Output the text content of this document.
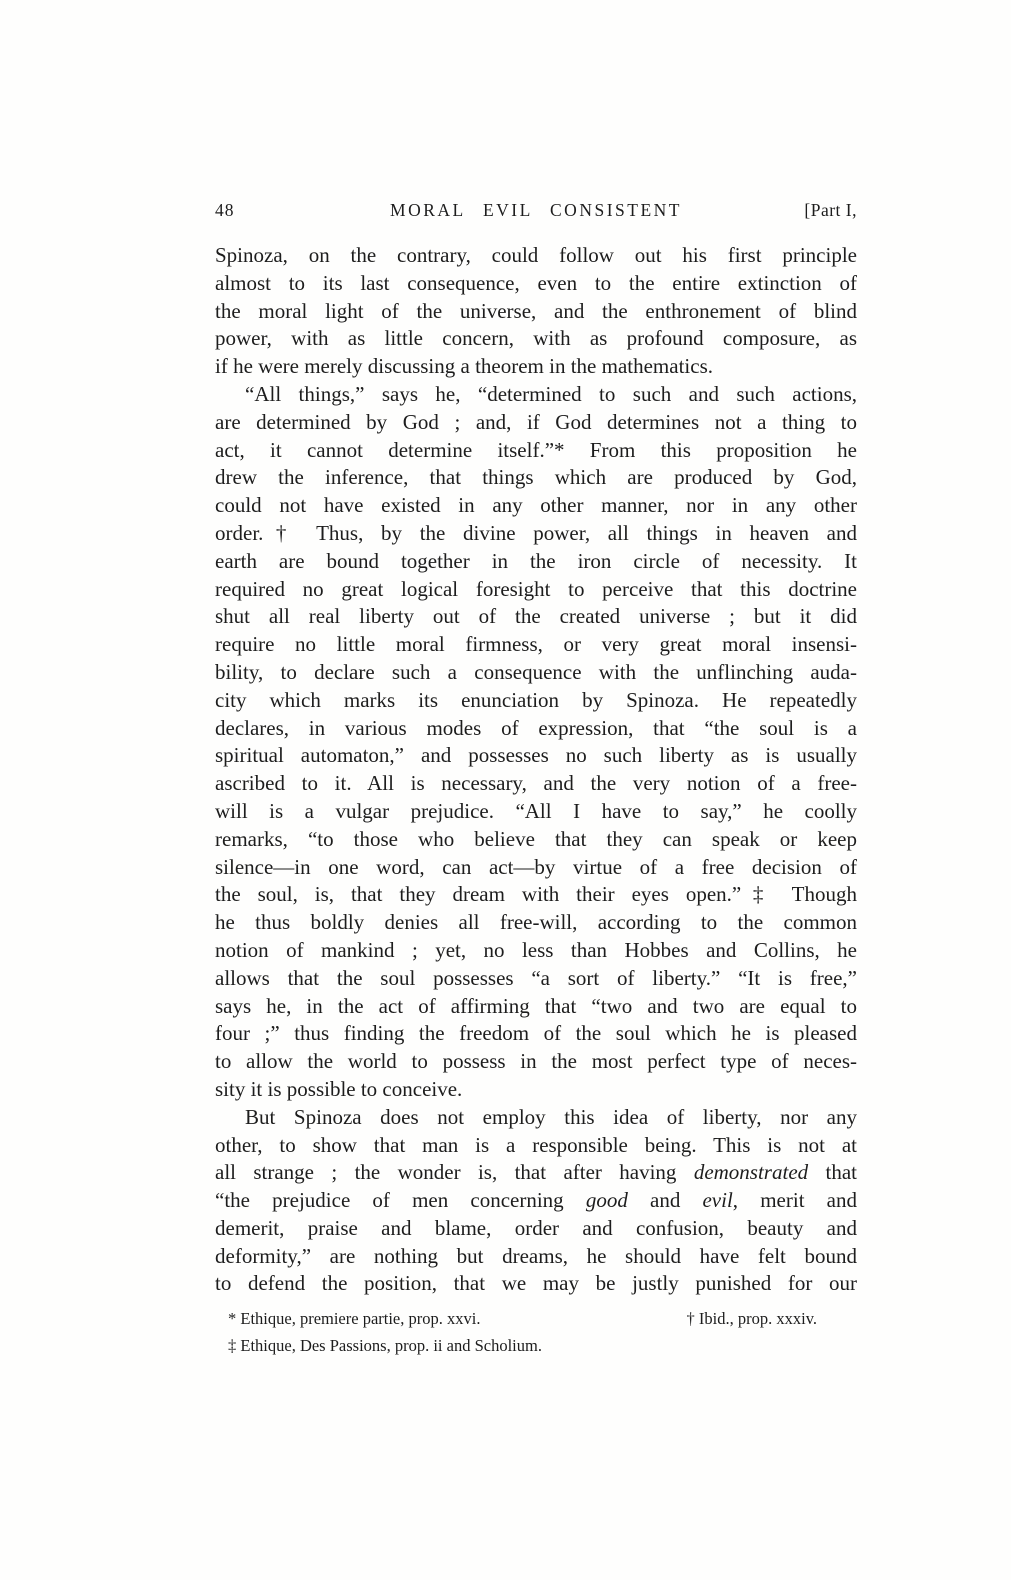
48	MORAL EVIL CONSISTENT	[Part I,
Spinoza, on the contrary, could follow out his first principle
almost to its last consequence, even to the entire extinction of
the moral light of the universe, and the enthronement of blind
power, with as little concern, with as profound composure, as
if he were merely discussing a theorem in the mathematics.
“All things,” says he, “determined to such and such actions,
are determined by God ; and, if God determines not a thing to
act, it cannot determine itself.”* From this proposition he
drew the inference, that things which are produced by God,
could not have existed in any other manner, nor in any other
order.† Thus, by the divine power, all things in heaven and
earth are bound together in the iron circle of necessity. It
required no great logical foresight to perceive that this doctrine
shut all real liberty out of the created universe ; but it did
require no little moral firmness, or very great moral insensi-
bility, to declare such a consequence with the unflinching auda-
city which marks its enunciation by Spinoza. He repeatedly
declares, in various modes of expression, that “the soul is a
spiritual automaton,” and possesses no such liberty as is usually
ascribed to it. All is necessary, and the very notion of a free-
will is a vulgar prejudice. “All I have to say,” he coolly
remarks, “to those who believe that they can speak or keep
silence—in one word, can act—by virtue of a free decision of
the soul, is, that they dream with their eyes open.”‡ Though
he thus boldly denies all free-will, according to the common
notion of mankind ; yet, no less than Hobbes and Collins, he
allows that the soul possesses “a sort of liberty.” “It is free,”
says he, in the act of affirming that “two and two are equal to
four ;” thus finding the freedom of the soul which he is pleased
to allow the world to possess in the most perfect type of neces-
sity it is possible to conceive.
But Spinoza does not employ this idea of liberty, nor any
other, to show that man is a responsible being. This is not at
all strange ; the wonder is, that after having demonstrated that
“the prejudice of men concerning good and evil, merit and
demerit, praise and blame, order and confusion, beauty and
deformity,” are nothing but dreams, he should have felt bound
to defend the position, that we may be justly punished for our
* Ethique, premiere partie, prop. xxvi.	† Ibid., prop. xxxiv.
‡ Ethique, Des Passions, prop. ii and Scholium.
